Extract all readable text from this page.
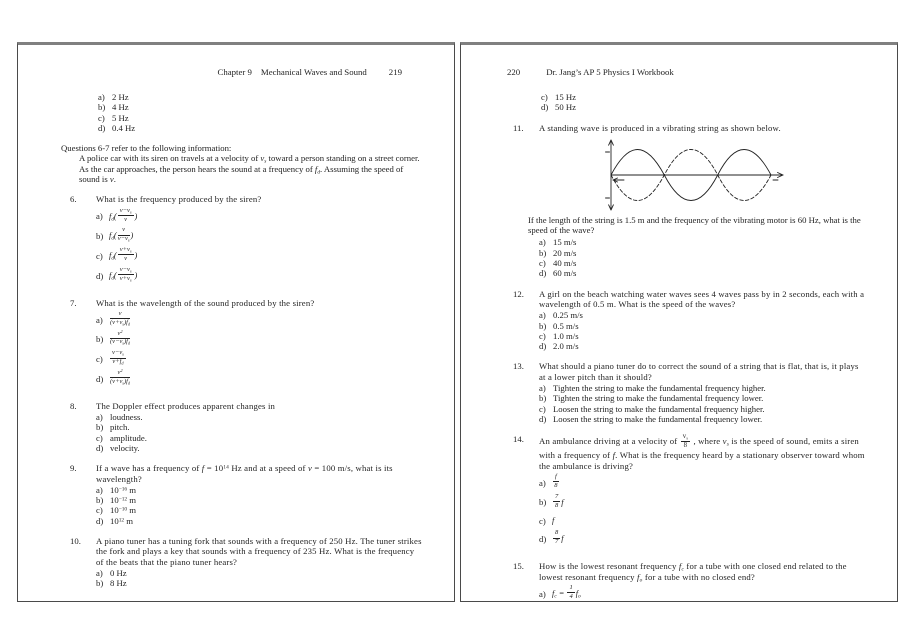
Chapter 9 Mechanical Waves and Sound	219
a) 2 Hz
b) 4 Hz
c) 5 Hz
d) 0.4 Hz
Questions 6-7 refer to the following information:
A police car with its siren on travels at a velocity of $v_s$ toward a person standing on a street corner. As the car approaches, the person hears the sound at a frequency of $f_d$. Assuming the speed of sound is v.
6.	What is the frequency produced by the siren?
a) $f_d( \frac{v-v_s}{v}$ )
b) $f_d( \frac{v}{v-v_s}$ )
c) $f_d( \frac{v+v_s}{v}$ )
d) $f_d( \frac{v-v_s}{v+v_s}$ )
7.	What is the wavelength of the sound produced by the siren?
a)	$\frac{v}{(v+v_s)f_d}$
b)	$\frac{v^2}{(v-v_s)f_d}$
c)	$\frac{v-v_s}{v+f_d}$
d)	$\frac{v^2}{(v+v_s)f_d}$
8.	The Doppler effect produces apparent changes in
a) loudness.
b) pitch.
c) amplitude.
d) velocity.
9.	If a wave has a frequency of $f = 10^{14}$ Hz and at a speed of v = 100 m/s, what is its wavelength?
a) $10^{-16}$ m
b) $10^{-12}$ m
c) $10^{-10}$ m
d) $10^{12}$ m
10.	A piano tuner has a tuning fork that sounds with a frequency of 250 Hz. The tuner strikes the fork and plays a key that sounds with a frequency of 235 Hz. What is the frequency of the beats that the piano tuner hears?
a) 0 Hz
b) 8 Hz
220	Dr. Jang’s AP 5 Physics I Workbook
c) 15 Hz
d) 50 Hz
11.	A standing wave is produced in a vibrating string as shown below.
If the length of the string is 1.5 m and the frequency of the vibrating motor is 60 Hz, what is the speed of the wave?
a) 15 m/s
b) 20 m/s
c) 40 m/s
d) 60 m/s
12.	A girl on the beach watching water waves sees 4 waves pass by in 2 seconds, each with a wavelength of 0.5 m. What is the speed of the waves?
a) 0.25 m/s
b) 0.5 m/s
c) 1.0 m/s
d) 2.0 m/s
13.	What should a piano tuner do to correct the sound of a string that is flat, that is, it plays at a lower pitch than it should?
a) Tighten the string to make the fundamental frequency higher.
b) Tighten the string to make the fundamental frequency lower.
c) Loosen the string to make the fundamental frequency higher.
d) Loosen the string to make the fundamental frequency lower.
14.	An ambulance driving at a velocity of $\frac{v_s}{8}$ , where $v_s$ is the speed of sound, emits a siren with a frequency of f. What is the frequency heard by a stationary observer toward whom the ambulance is driving?
a)	$\frac{f}{8}$
b)	$\frac{7}{8}$ f
c) f
d)	$\frac{8}{7}$ f
15.	How is the lowest resonant frequency $f_c$ for a tube with one closed end related to the lowest resonant frequency $f_o$ for a tube with no closed end?
a) $f_c = \frac{1}{4} f_o$
